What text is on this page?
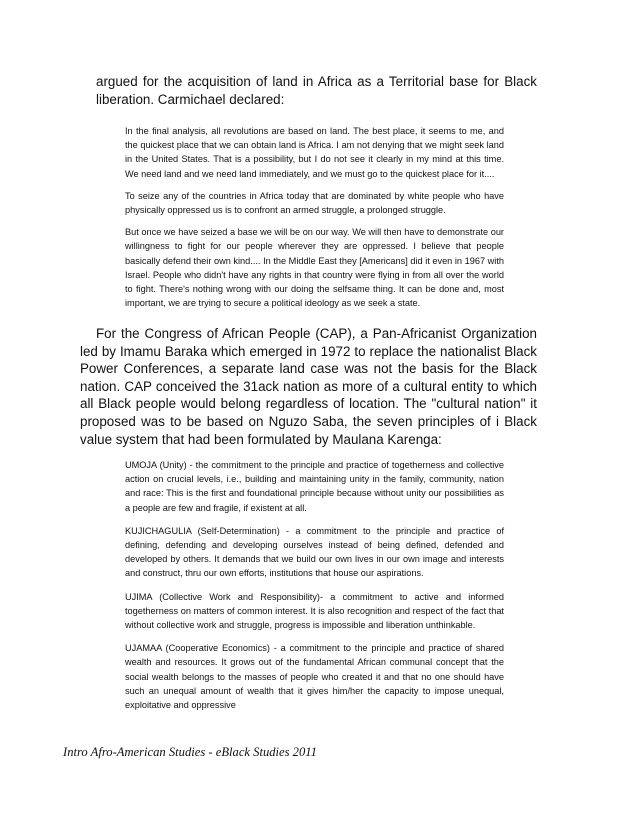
argued for the acquisition of land in Africa as a Territorial base for Black liberation. Carmichael declared:

In the final analysis, all revolutions are based on land. The best place, it seems to me, and the quickest place that we can obtain land is Africa. I am not denying that we might seek land in the United States. That is a possibility, but I do not see it clearly in my mind at this time. We need land and we need land immediately, and we must go to the quickest place for it....

To seize any of the countries in Africa today that are dominated by white people who have physically oppressed us is to confront an armed struggle, a prolonged struggle.

But once we have seized a base we will be on our way. We will then have to demonstrate our willingness to fight for our people wherever they are oppressed. I believe that people basically defend their own kind.... In the Middle East they [Americans] did it even in 1967 with Israel. People who didn't have any rights in that country were flying in from all over the world to fight. There's nothing wrong with our doing the selfsame thing. It can be done and, most important, we are trying to secure a political ideology as we seek a state.

For the Congress of African People (CAP), a Pan-Africanist Organization led by Imamu Baraka which emerged in 1972 to replace the nationalist Black Power Conferences, a separate land case was not the basis for the Black nation. CAP conceived the 31ack nation as more of a cultural entity to which all Black people would belong regardless of location. The "cultural nation" it proposed was to be based on Nguzo Saba, the seven principles of i Black value system that had been formulated by Maulana Karenga:

UMOJA (Unity) - the commitment to the principle and practice of togetherness and collective action on crucial levels, i.e., building and maintaining unity in the family, community, nation and race: This is the first and foundational principle because without unity our possibilities as a people are few and fragile, if existent at all.

KUJICHAGULIA (Self-Determination) - a commitment to the principle and practice of defining, defending and developing ourselves instead of being defined, defended and developed by others. It demands that we build our own lives in our own image and interests and construct, thru our own efforts, institutions that house our aspirations.

UJIMA (Collective Work and Responsibility)- a commitment to active and informed togetherness on matters of common interest. It is also recognition and respect of the fact that without collective work and struggle, progress is impossible and liberation unthinkable.

UJAMAA (Cooperative Economics) - a commitment to the principle and practice of shared wealth and resources. It grows out of the fundamental African communal concept that the social wealth belongs to the masses of people who created it and that no one should have such an unequal amount of wealth that it gives him/her the capacity to impose unequal, exploitative and oppressive

Intro Afro-American Studies - eBlack Studies 2011
